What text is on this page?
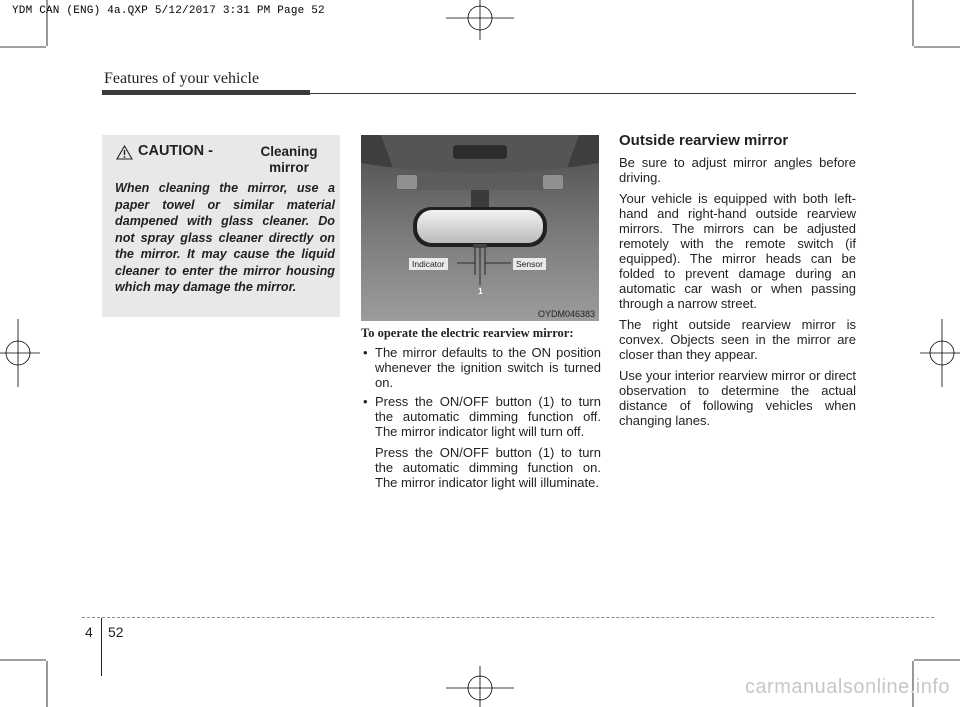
YDM CAN (ENG) 4a.QXP 5/12/2017 3:31 PM Page 52
Features of your vehicle
CAUTION -	Cleaning
mirror
When cleaning the mirror, use a paper towel or similar material dampened with glass cleaner. Do not spray glass cleaner directly on the mirror. It may cause the liquid cleaner to enter the mirror housing which may damage the mirror.
Indicator	Sensor
1
OYDM046383
To operate the electric rearview mirror:
• The mirror defaults to the ON position whenever the ignition switch is turned on.
• Press the ON/OFF button (1) to turn the automatic dimming function off. The mirror indicator light will turn off.
Press the ON/OFF button (1) to turn the automatic dimming function on. The mirror indicator light will illuminate.
Outside rearview mirror

Be sure to adjust mirror angles before driving.

Your vehicle is equipped with both left-hand and right-hand outside rearview mirrors. The mirrors can be adjusted remotely with the remote switch (if equipped). The mirror heads can be folded to prevent damage during an automatic car wash or when passing through a narrow street.

The right outside rearview mirror is convex. Objects seen in the mirror are closer than they appear.

Use your interior rearview mirror or direct observation to determine the actual distance of following vehicles when changing lanes.

4 52
carmanualsonline.info
